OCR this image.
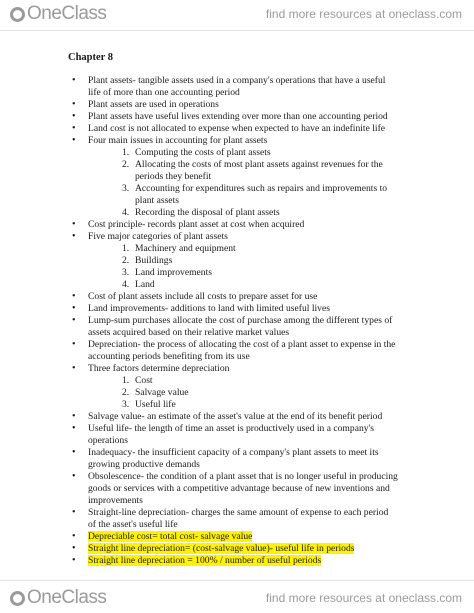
OneClass	find more resources at oneclass.com
Chapter 8
• Plant assets- tangible assets used in a company's operations that have a useful life of more than one accounting period
• Plant assets are used in operations
• Plant assets have useful lives extending over more than one accounting period
• Land cost is not allocated to expense when expected to have an indefinite life
• Four main issues in accounting for plant assets
1. Computing the costs of plant assets
2. Allocating the costs of most plant assets against revenues for the periods they benefit
3. Accounting for expenditures such as repairs and improvements to plant assets
4. Recording the disposal of plant assets
• Cost principle- records plant asset at cost when acquired
• Five major categories of plant assets
1. Machinery and equipment
2. Buildings
3. Land improvements
4. Land
• Cost of plant assets include all costs to prepare asset for use
• Land improvements- additions to land with limited useful lives
• Lump-sum purchases allocate the cost of purchase among the different types of assets acquired based on their relative market values
• Depreciation- the process of allocating the cost of a plant asset to expense in the accounting periods benefiting from its use
• Three factors determine depreciation
1. Cost
2. Salvage value
3. Useful life
• Salvage value- an estimate of the asset's value at the end of its benefit period
• Useful life- the length of time an asset is productively used in a company's operations
• Inadequacy- the insufficient capacity of a company's plant assets to meet its growing productive demands
• Obsolescence- the condition of a plant asset that is no longer useful in producing goods or services with a competitive advantage because of new inventions and improvements
• Straight-line depreciation- charges the same amount of expense to each period of the asset's useful life
• Depreciable cost= total cost- salvage value
• Straight line depreciation= (cost-salvage value)- useful life in periods
• Straight line depreciation = 100% / number of useful periods
OneClass	find more resources at oneclass.com
